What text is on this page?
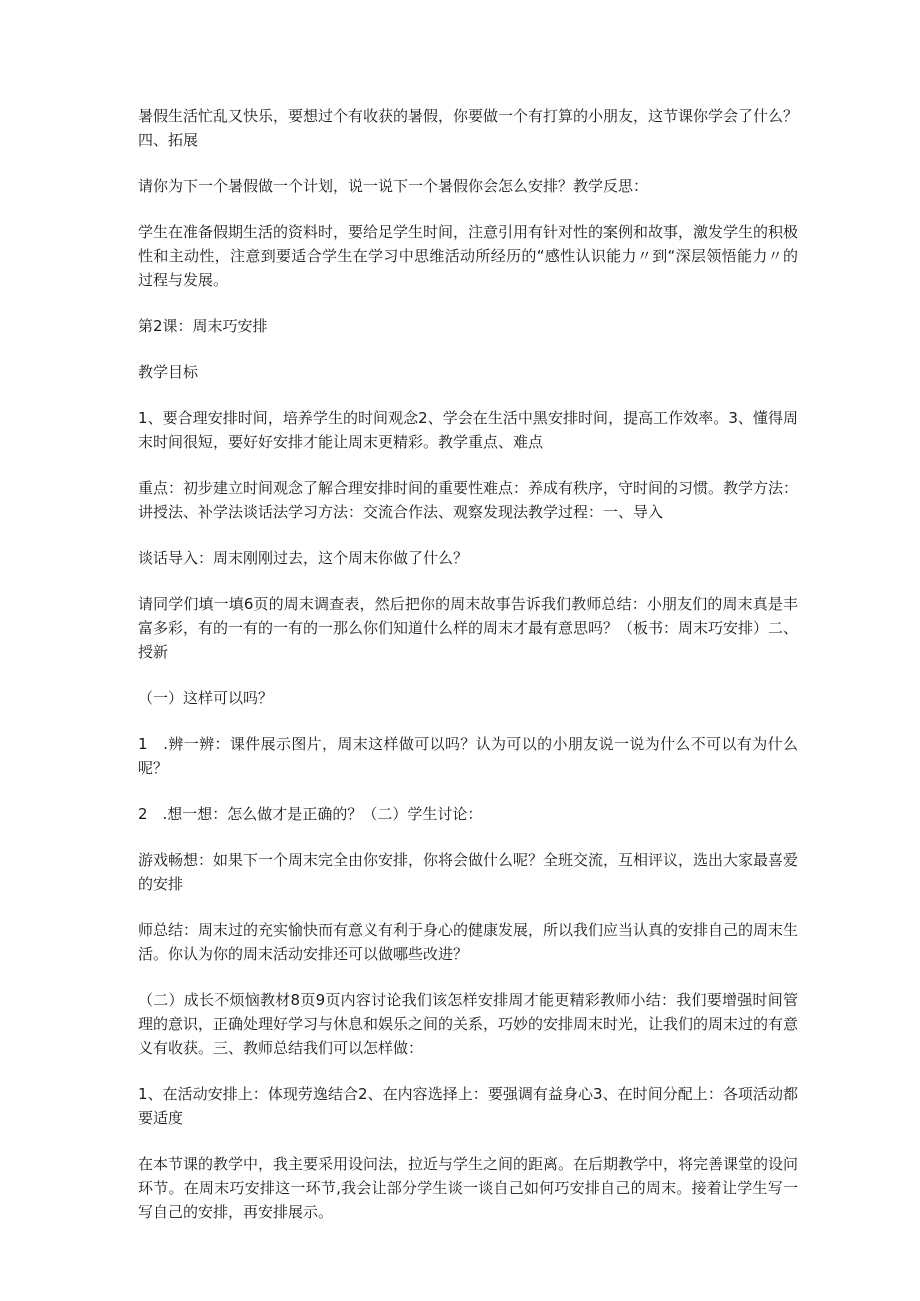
暑假生活忙乱又快乐，要想过个有收获的暑假，你要做一个有打算的小朋友，这节课你学会了什么？四、拓展

请你为下一个暑假做一个计划，说一说下一个暑假你会怎么安排？教学反思：

学生在准备假期生活的资料时，要给足学生时间，注意引用有针对性的案例和故事，激发学生的积极性和主动性，注意到要适合学生在学习中思维活动所经历的“感性认识能力〃到“深层领悟能力〃的过程与发展。

第2课：周末巧安排

教学目标

1、要合理安排时间，培养学生的时间观念2、学会在生活中黑安排时间，提高工作效率。3、懂得周末时间很短，要好好安排才能让周末更精彩。教学重点、难点

重点：初步建立时间观念了解合理安排时间的重要性难点：养成有秩序，守时间的习惯。教学方法：讲授法、补学法谈话法学习方法：交流合作法、观察发现法教学过程：一、导入

谈话导入：周末刚刚过去，这个周末你做了什么？

请同学们填一填6页的周末调查表，然后把你的周末故事告诉我们教师总结：小朋友们的周末真是丰富多彩，有的一有的一有的一那么你们知道什么样的周末才最有意思吗？（板书：周末巧安排）二、授新

（一）这样可以吗？

1　.辨一辨：课件展示图片，周末这样做可以吗？认为可以的小朋友说一说为什么不可以有为什么呢？

2　.想一想：怎么做才是正确的？（二）学生讨论：

游戏畅想：如果下一个周末完全由你安排，你将会做什么呢？全班交流，互相评议，选出大家最喜爱的安排

师总结：周末过的充实愉快而有意义有利于身心的健康发展，所以我们应当认真的安排自己的周末生活。你认为你的周末活动安排还可以做哪些改进？

（二）成长不烦恼教材8页9页内容讨论我们该怎样安排周才能更精彩教师小结：我们要增强时间管理的意识，正确处理好学习与休息和娱乐之间的关系，巧妙的安排周末时光，让我们的周末过的有意义有收获。三、教师总结我们可以怎样做：

1、在活动安排上：体现劳逸结合2、在内容选择上：要强调有益身心3、在时间分配上：各项活动都要适度

在本节课的教学中，我主要采用设问法，拉近与学生之间的距离。在后期教学中，将完善课堂的设问环节。在周末巧安排这一环节,我会让部分学生谈一谈自己如何巧安排自己的周末。接着让学生写一写自己的安排，再安排展示。
